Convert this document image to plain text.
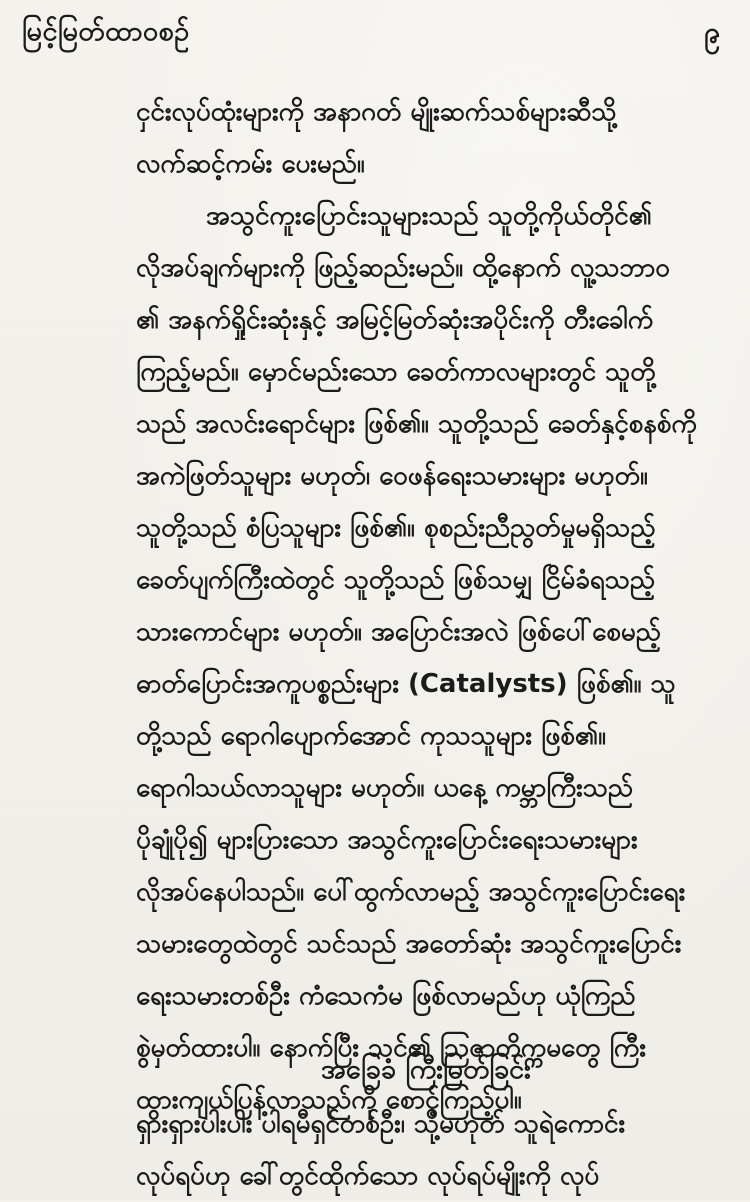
မြင့်မြတ်ထာဝစဉ်	၉
ငှင်းလုပ်ထုံးများကို အနာဂတ် မျိုးဆက်သစ်များဆီသို့
လက်ဆင့်ကမ်း ပေးမည်။
အသွင်ကူးပြောင်းသူများသည် သူတို့ကိုယ်တိုင်၏
လိုအပ်ချက်များကို ဖြည့်ဆည်းမည်။ ထို့နောက် လူ့သဘာဝ
၏ အနက်ရှိုင်းဆုံးနှင့် အမြင့်မြတ်ဆုံးအပိုင်းကို တီးခေါက်
ကြည့်မည်။ မှောင်မည်းသော ခေတ်ကာလများတွင် သူတို့
သည် အလင်းရောင်များ ဖြစ်၏။ သူတို့သည် ခေတ်နှင့်စနစ်ကို
အကဲဖြတ်သူများ မဟုတ်၊ ဝေဖန်ရေးသမားများ မဟုတ်။
သူတို့သည် စံပြသူများ ဖြစ်၏။ စုစည်းညီညွတ်မှုမရှိသည့်
ခေတ်ပျက်ကြီးထဲတွင် သူတို့သည် ဖြစ်သမျှ ငြိမ်ခံရသည့်
သားကောင်များ မဟုတ်။ အပြောင်းအလဲ ဖြစ်ပေါ်စေမည့်
ဓာတ်ပြောင်းအကူပစ္စည်းများ (Catalysts) ဖြစ်၏။ သူ
တို့သည် ရောဂါပျောက်အောင် ကုသသူများ ဖြစ်၏။
ရောဂါသယ်လာသူများ မဟုတ်။ ယနေ့ ကမ္ဘာကြီးသည်
ပိုချုံပို၍ များပြားသော အသွင်ကူးပြောင်းရေးသမားများ
လိုအပ်နေပါသည်။ ပေါ်ထွက်လာမည့် အသွင်ကူးပြောင်းရေး
သမားတွေထဲတွင် သင်သည် အတော်ဆုံး အသွင်ကူးပြောင်း
ရေးသမားတစ်ဦး ကံသေကံမ ဖြစ်လာမည်ဟု ယုံကြည်
စွဲမှတ်ထားပါ။ နောက်ပြီး သင်၏ ဩဇာတိက္ကမတွေ ကြီး
ထွားကျယ်ပြန့်လာသည်ကို စောင့်ကြည့်ပါ။
အခြေခံ ကြီးမြတ်ခြင်း
ရှားရှားပါးပါး ပါရမီရှင်တစ်ဦး၊ သို့မဟုတ် သူရဲကောင်း
လုပ်ရပ်ဟု ခေါ်တွင်ထိုက်သော လုပ်ရပ်မျိုးကို လုပ်
